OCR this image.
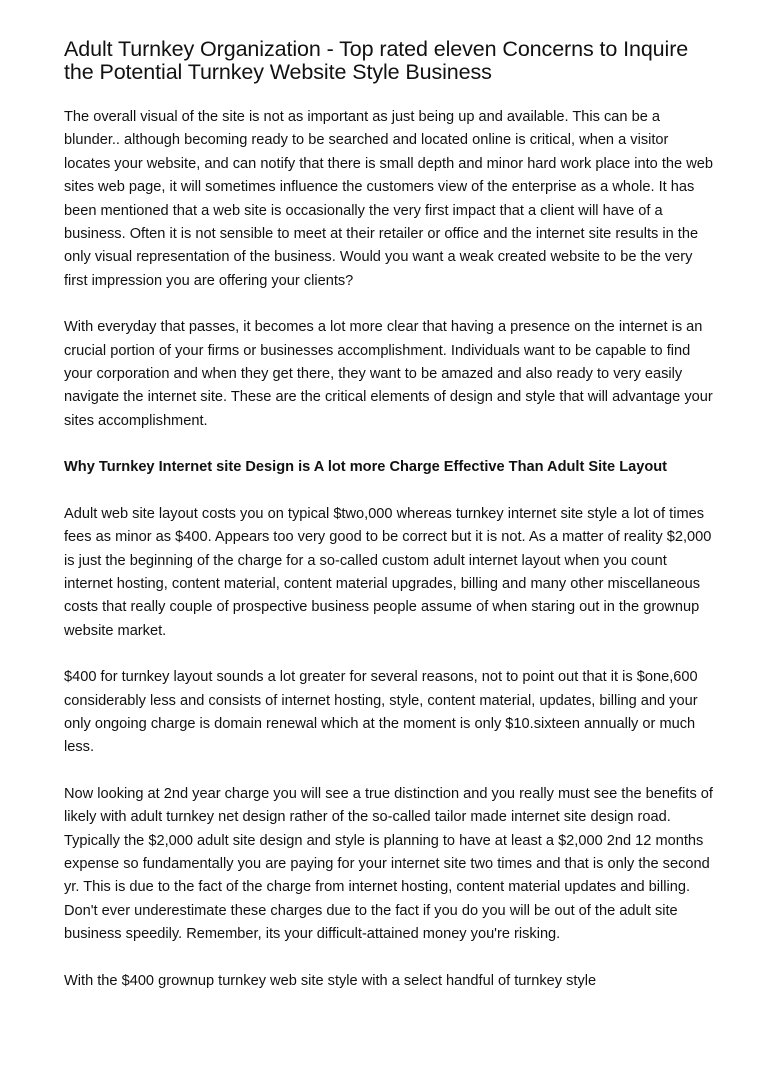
Adult Turnkey Organization - Top rated eleven Concerns to Inquire the Potential Turnkey Website Style Business

The overall visual of the site is not as important as just being up and available. This can be a blunder.. although becoming ready to be searched and located online is critical, when a visitor locates your website, and can notify that there is small depth and minor hard work place into the web sites web page, it will sometimes influence the customers view of the enterprise as a whole. It has been mentioned that a web site is occasionally the very first impact that a client will have of a business. Often it is not sensible to meet at their retailer or office and the internet site results in the only visual representation of the business. Would you want a weak created website to be the very first impression you are offering your clients?

With everyday that passes, it becomes a lot more clear that having a presence on the internet is an crucial portion of your firms or businesses accomplishment. Individuals want to be capable to find your corporation and when they get there, they want to be amazed and also ready to very easily navigate the internet site. These are the critical elements of design and style that will advantage your sites accomplishment.

Why Turnkey Internet site Design is A lot more Charge Effective Than Adult Site Layout

Adult web site layout costs you on typical $two,000 whereas turnkey internet site style a lot of times fees as minor as $400. Appears too very good to be correct but it is not. As a matter of reality $2,000 is just the beginning of the charge for a so-called custom adult internet layout when you count internet hosting, content material, content material upgrades, billing and many other miscellaneous costs that really couple of prospective business people assume of when staring out in the grownup website market.

$400 for turnkey layout sounds a lot greater for several reasons, not to point out that it is $one,600 considerably less and consists of internet hosting, style, content material, updates, billing and your only ongoing charge is domain renewal which at the moment is only $10.sixteen annually or much less.

Now looking at 2nd year charge you will see a true distinction and you really must see the benefits of likely with adult turnkey net design rather of the so-called tailor made internet site design road. Typically the $2,000 adult site design and style is planning to have at least a $2,000 2nd 12 months expense so fundamentally you are paying for your internet site two times and that is only the second yr. This is due to the fact of the charge from internet hosting, content material updates and billing. Don't ever underestimate these charges due to the fact if you do you will be out of the adult site business speedily. Remember, its your difficult-attained money you're risking.

With the $400 grownup turnkey web site style with a select handful of turnkey style
